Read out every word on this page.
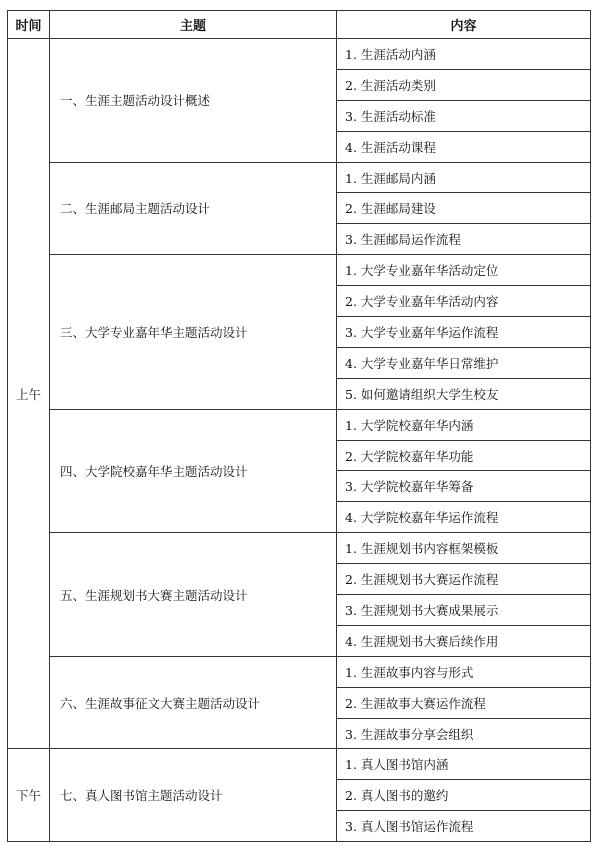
时间	主题	内容
上午	一、生涯主题活动设计概述	1. 生涯活动内涵
		2. 生涯活动类别
		3. 生涯活动标准
		4. 生涯活动课程
	二、生涯邮局主题活动设计	1. 生涯邮局内涵
		2. 生涯邮局建设
		3. 生涯邮局运作流程
	三、大学专业嘉年华主题活动设计	1. 大学专业嘉年华活动定位
		2. 大学专业嘉年华活动内容
		3. 大学专业嘉年华运作流程
		4. 大学专业嘉年华日常维护
		5. 如何邀请组织大学生校友
	四、大学院校嘉年华主题活动设计	1. 大学院校嘉年华内涵
		2. 大学院校嘉年华功能
		3. 大学院校嘉年华筹备
		4. 大学院校嘉年华运作流程
	五、生涯规划书大赛主题活动设计	1. 生涯规划书内容框架模板
		2. 生涯规划书大赛运作流程
		3. 生涯规划书大赛成果展示
		4. 生涯规划书大赛后续作用
	六、生涯故事征文大赛主题活动设计	1. 生涯故事内容与形式
		2. 生涯故事大赛运作流程
		3. 生涯故事分享会组织
下午	七、真人图书馆主题活动设计	1. 真人图书馆内涵
		2. 真人图书的邀约
		3. 真人图书馆运作流程
